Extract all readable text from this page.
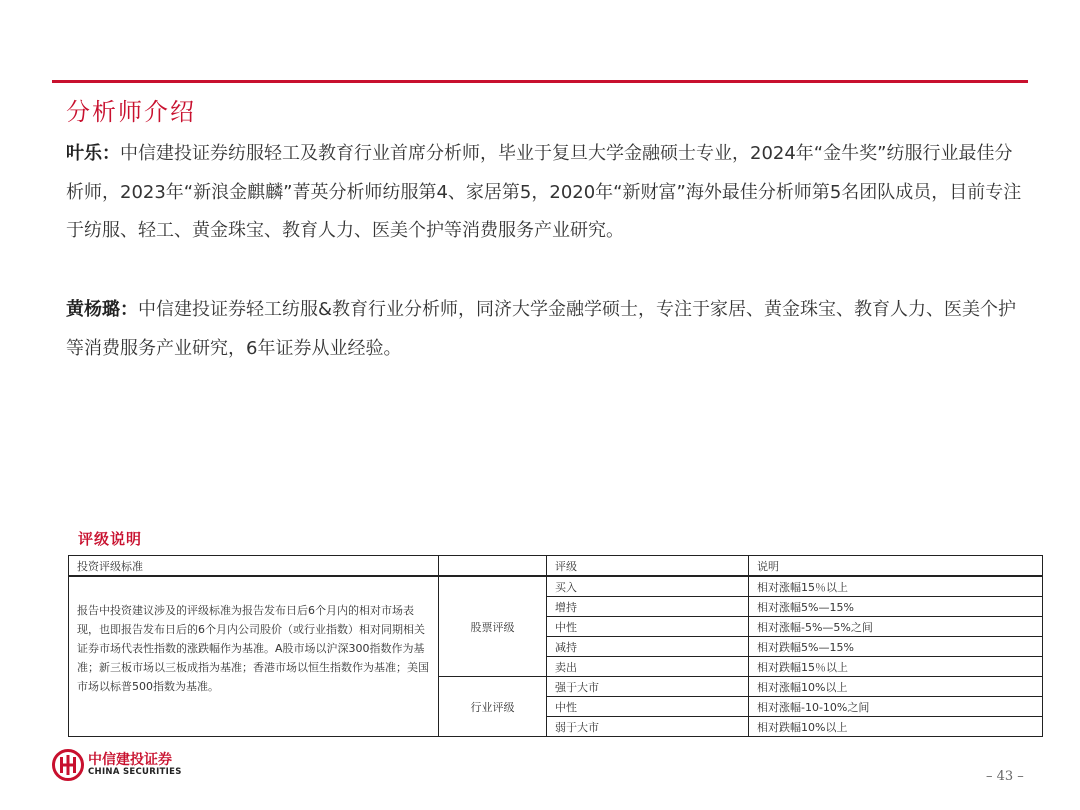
分析师介绍
叶乐：中信建投证券纺服轻工及教育行业首席分析师，毕业于复旦大学金融硕士专业，2024年“金牛奖”纺服行业最佳分析师，2023年“新浪金麒麟”菁英分析师纺服第4、家居第5，2020年“新财富”海外最佳分析师第5名团队成员，目前专注于纺服、轻工、黄金珠宝、教育人力、医美个护等消费服务产业研究。
黄杨璐：中信建投证券轻工纺服&教育行业分析师，同济大学金融学硕士，专注于家居、黄金珠宝、教育人力、医美个护等消费服务产业研究，6年证券从业经验。
评级说明
投资评级标准		评级	说明
报告中投资建议涉及的评级标准为报告发布日后6个月内的相对市场表现，也即报告发布日后的6个月内公司股价（或行业指数）相对同期相关证券市场代表性指数的涨跌幅作为基准。A股市场以沪深300指数作为基准；新三板市场以三板成指为基准；香港市场以恒生指数作为基准；美国市场以标普500指数为基准。	股票评级	买入	相对涨幅15％以上
		增持	相对涨幅5%—15%
		中性	相对涨幅-5%—5%之间
		减持	相对跌幅5%—15%
		卖出	相对跌幅15％以上
	行业评级	强于大市	相对涨幅10%以上
		中性	相对涨幅-10-10%之间
		弱于大市	相对跌幅10%以上
中信建投证券
CHINA SECURITIES	– 43 –
